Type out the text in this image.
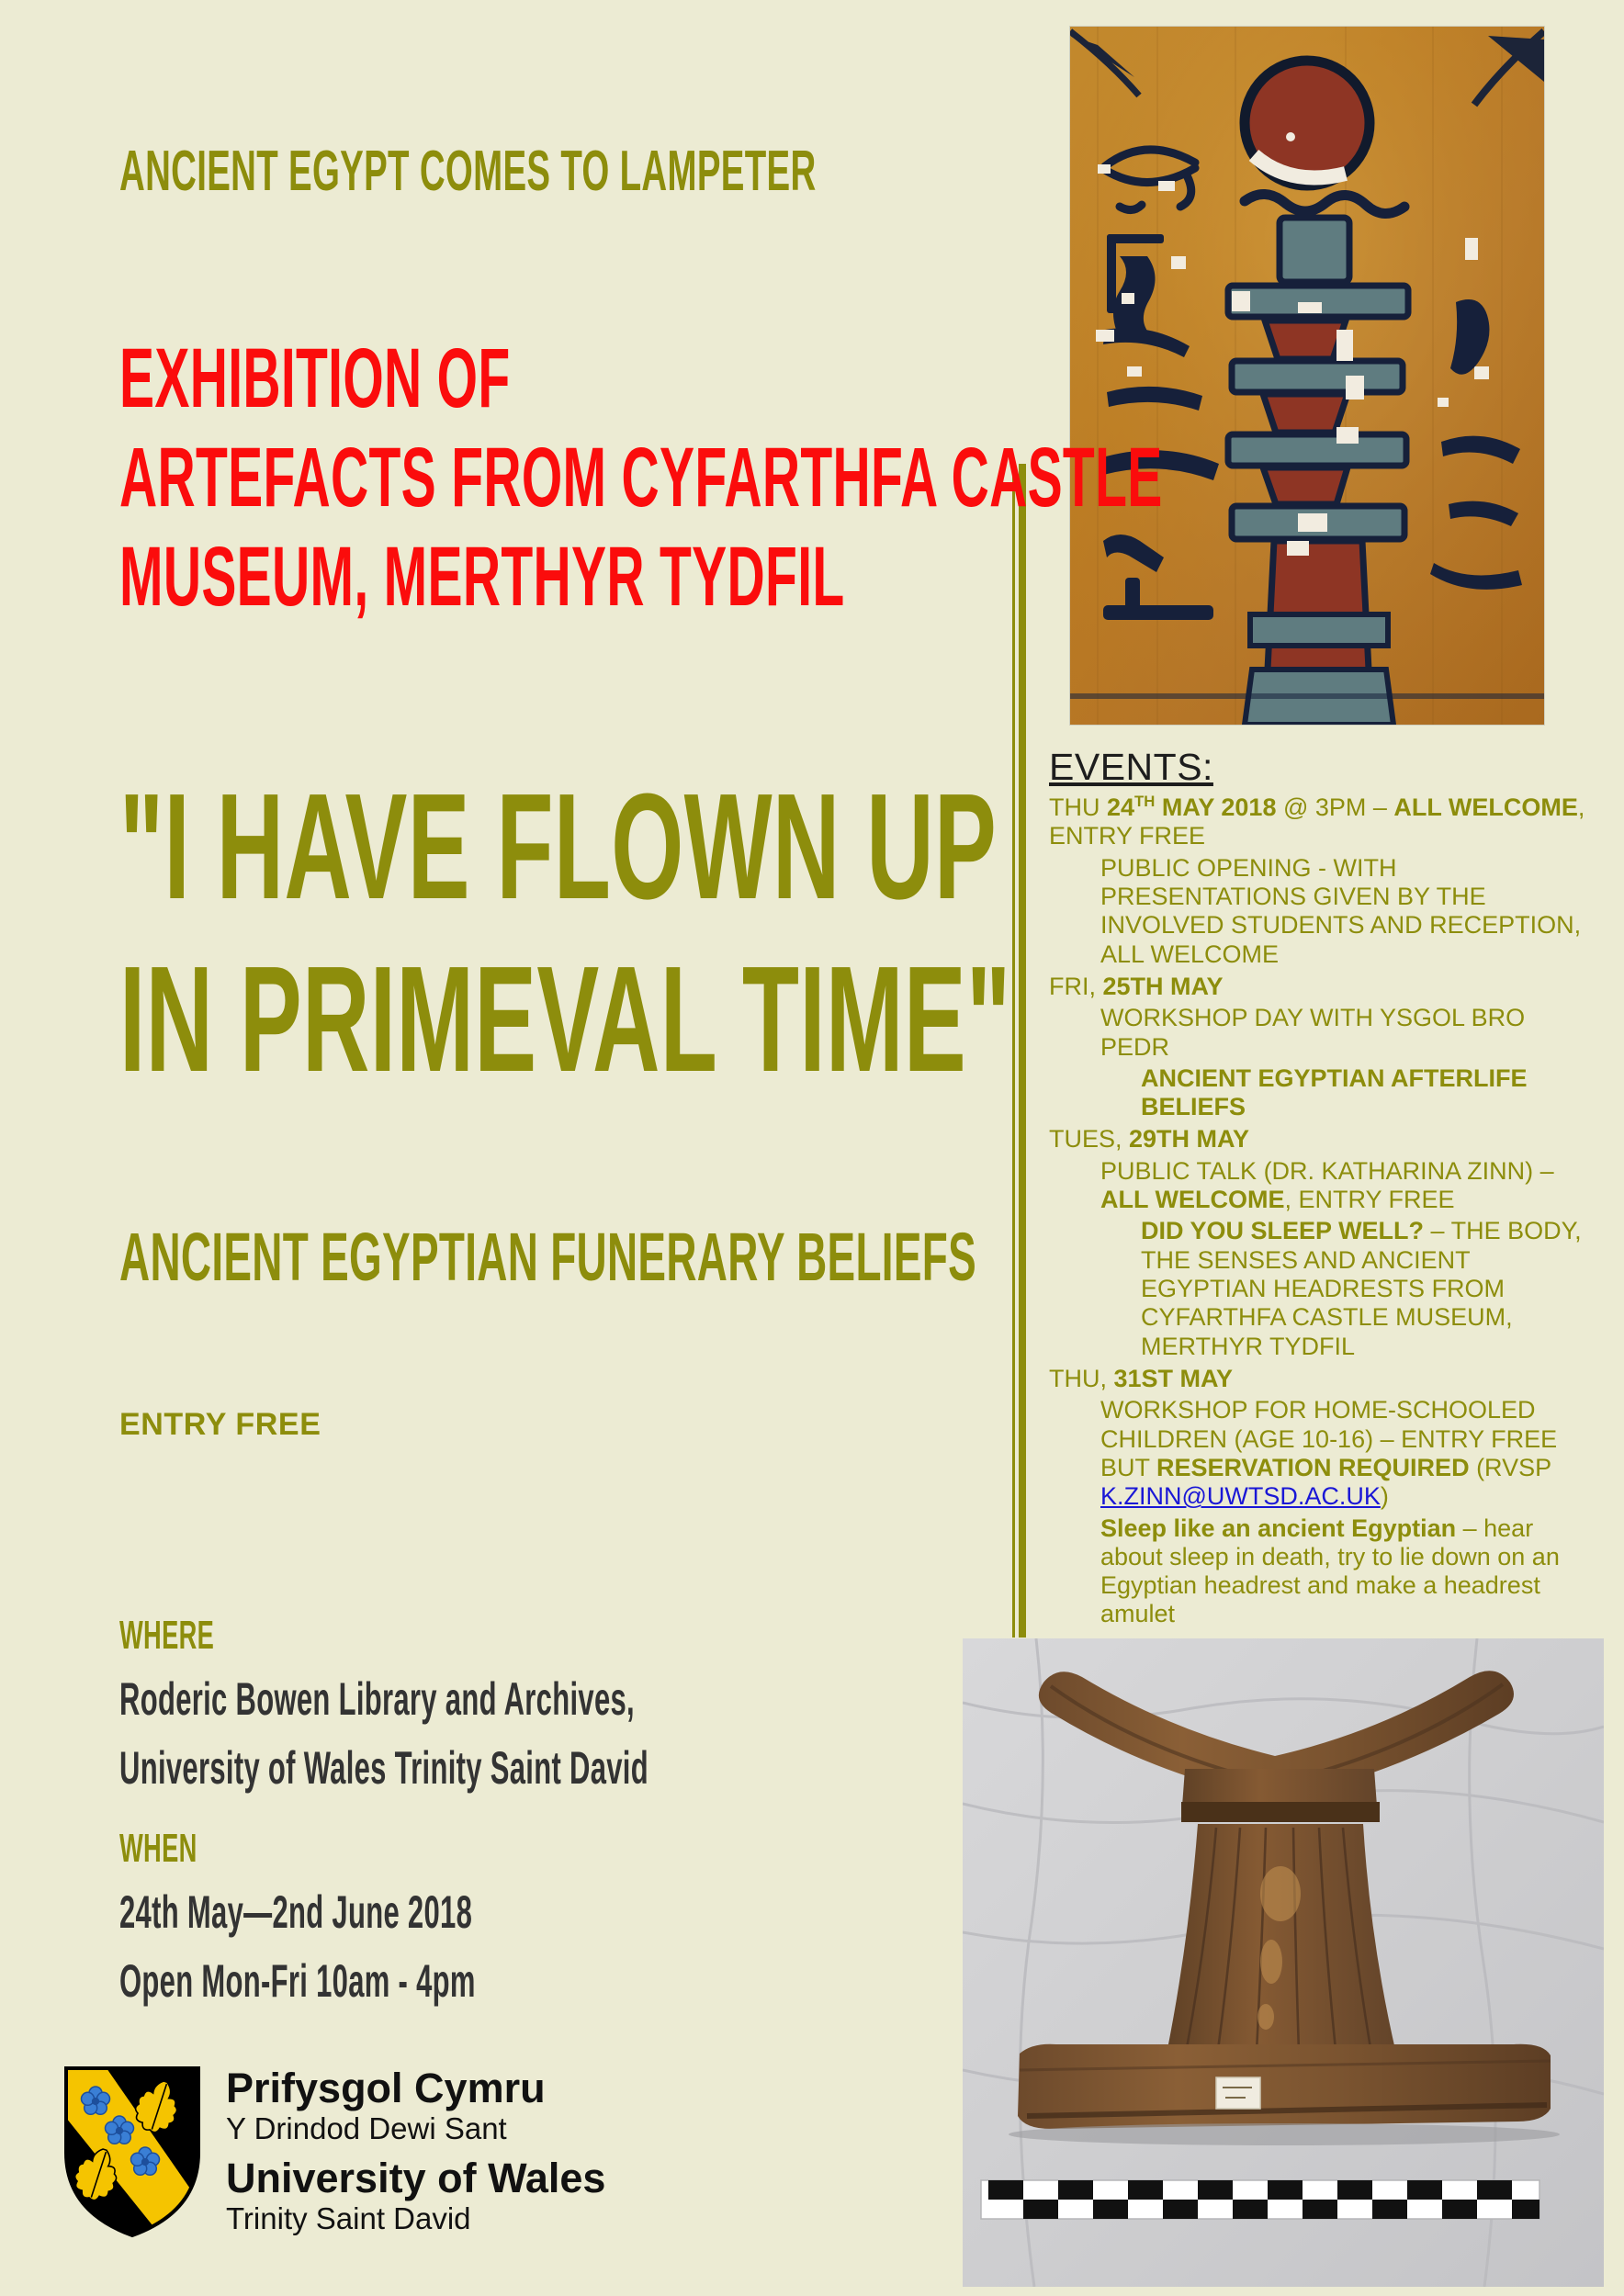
ANCIENT EGYPT COMES TO LAMPETER
EXHIBITION OF
ARTEFACTS FROM CYFARTHFA CASTLE
MUSEUM, MERTHYR TYDFIL
"I HAVE FLOWN UP
IN PRIMEVAL TIME"
ANCIENT EGYPTIAN FUNERARY BELIEFS
ENTRY FREE
WHERE
Roderic Bowen Library and Archives,
University of Wales Trinity Saint David
WHEN
24th May—2nd June 2018
Open Mon-Fri 10am - 4pm
Prifysgol Cymru
Y Drindod Dewi Sant
University of Wales
Trinity Saint David
EVENTS:
THU 24TH MAY 2018 @ 3PM – ALL WELCOME, ENTRY FREE
PUBLIC OPENING - WITH PRESENTATIONS GIVEN BY THE INVOLVED STUDENTS AND RECEPTION, ALL WELCOME
FRI, 25TH MAY
WORKSHOP DAY WITH YSGOL BRO PEDR
ANCIENT EGYPTIAN AFTERLIFE BELIEFS
TUES, 29TH MAY
PUBLIC TALK (DR. KATHARINA ZINN) – ALL WELCOME, ENTRY FREE
DID YOU SLEEP WELL? – THE BODY, THE SENSES AND ANCIENT EGYPTIAN HEADRESTS FROM CYFARTHFA CASTLE MUSEUM, MERTHYR TYDFIL
THU, 31ST MAY
WORKSHOP FOR HOME-SCHOOLED CHILDREN (AGE 10-16) – ENTRY FREE BUT RESERVATION REQUIRED (RVSP K.ZINN@UWTSD.AC.UK)
Sleep like an ancient Egyptian – hear about sleep in death, try to lie down on an Egyptian headrest and make a headrest amulet
